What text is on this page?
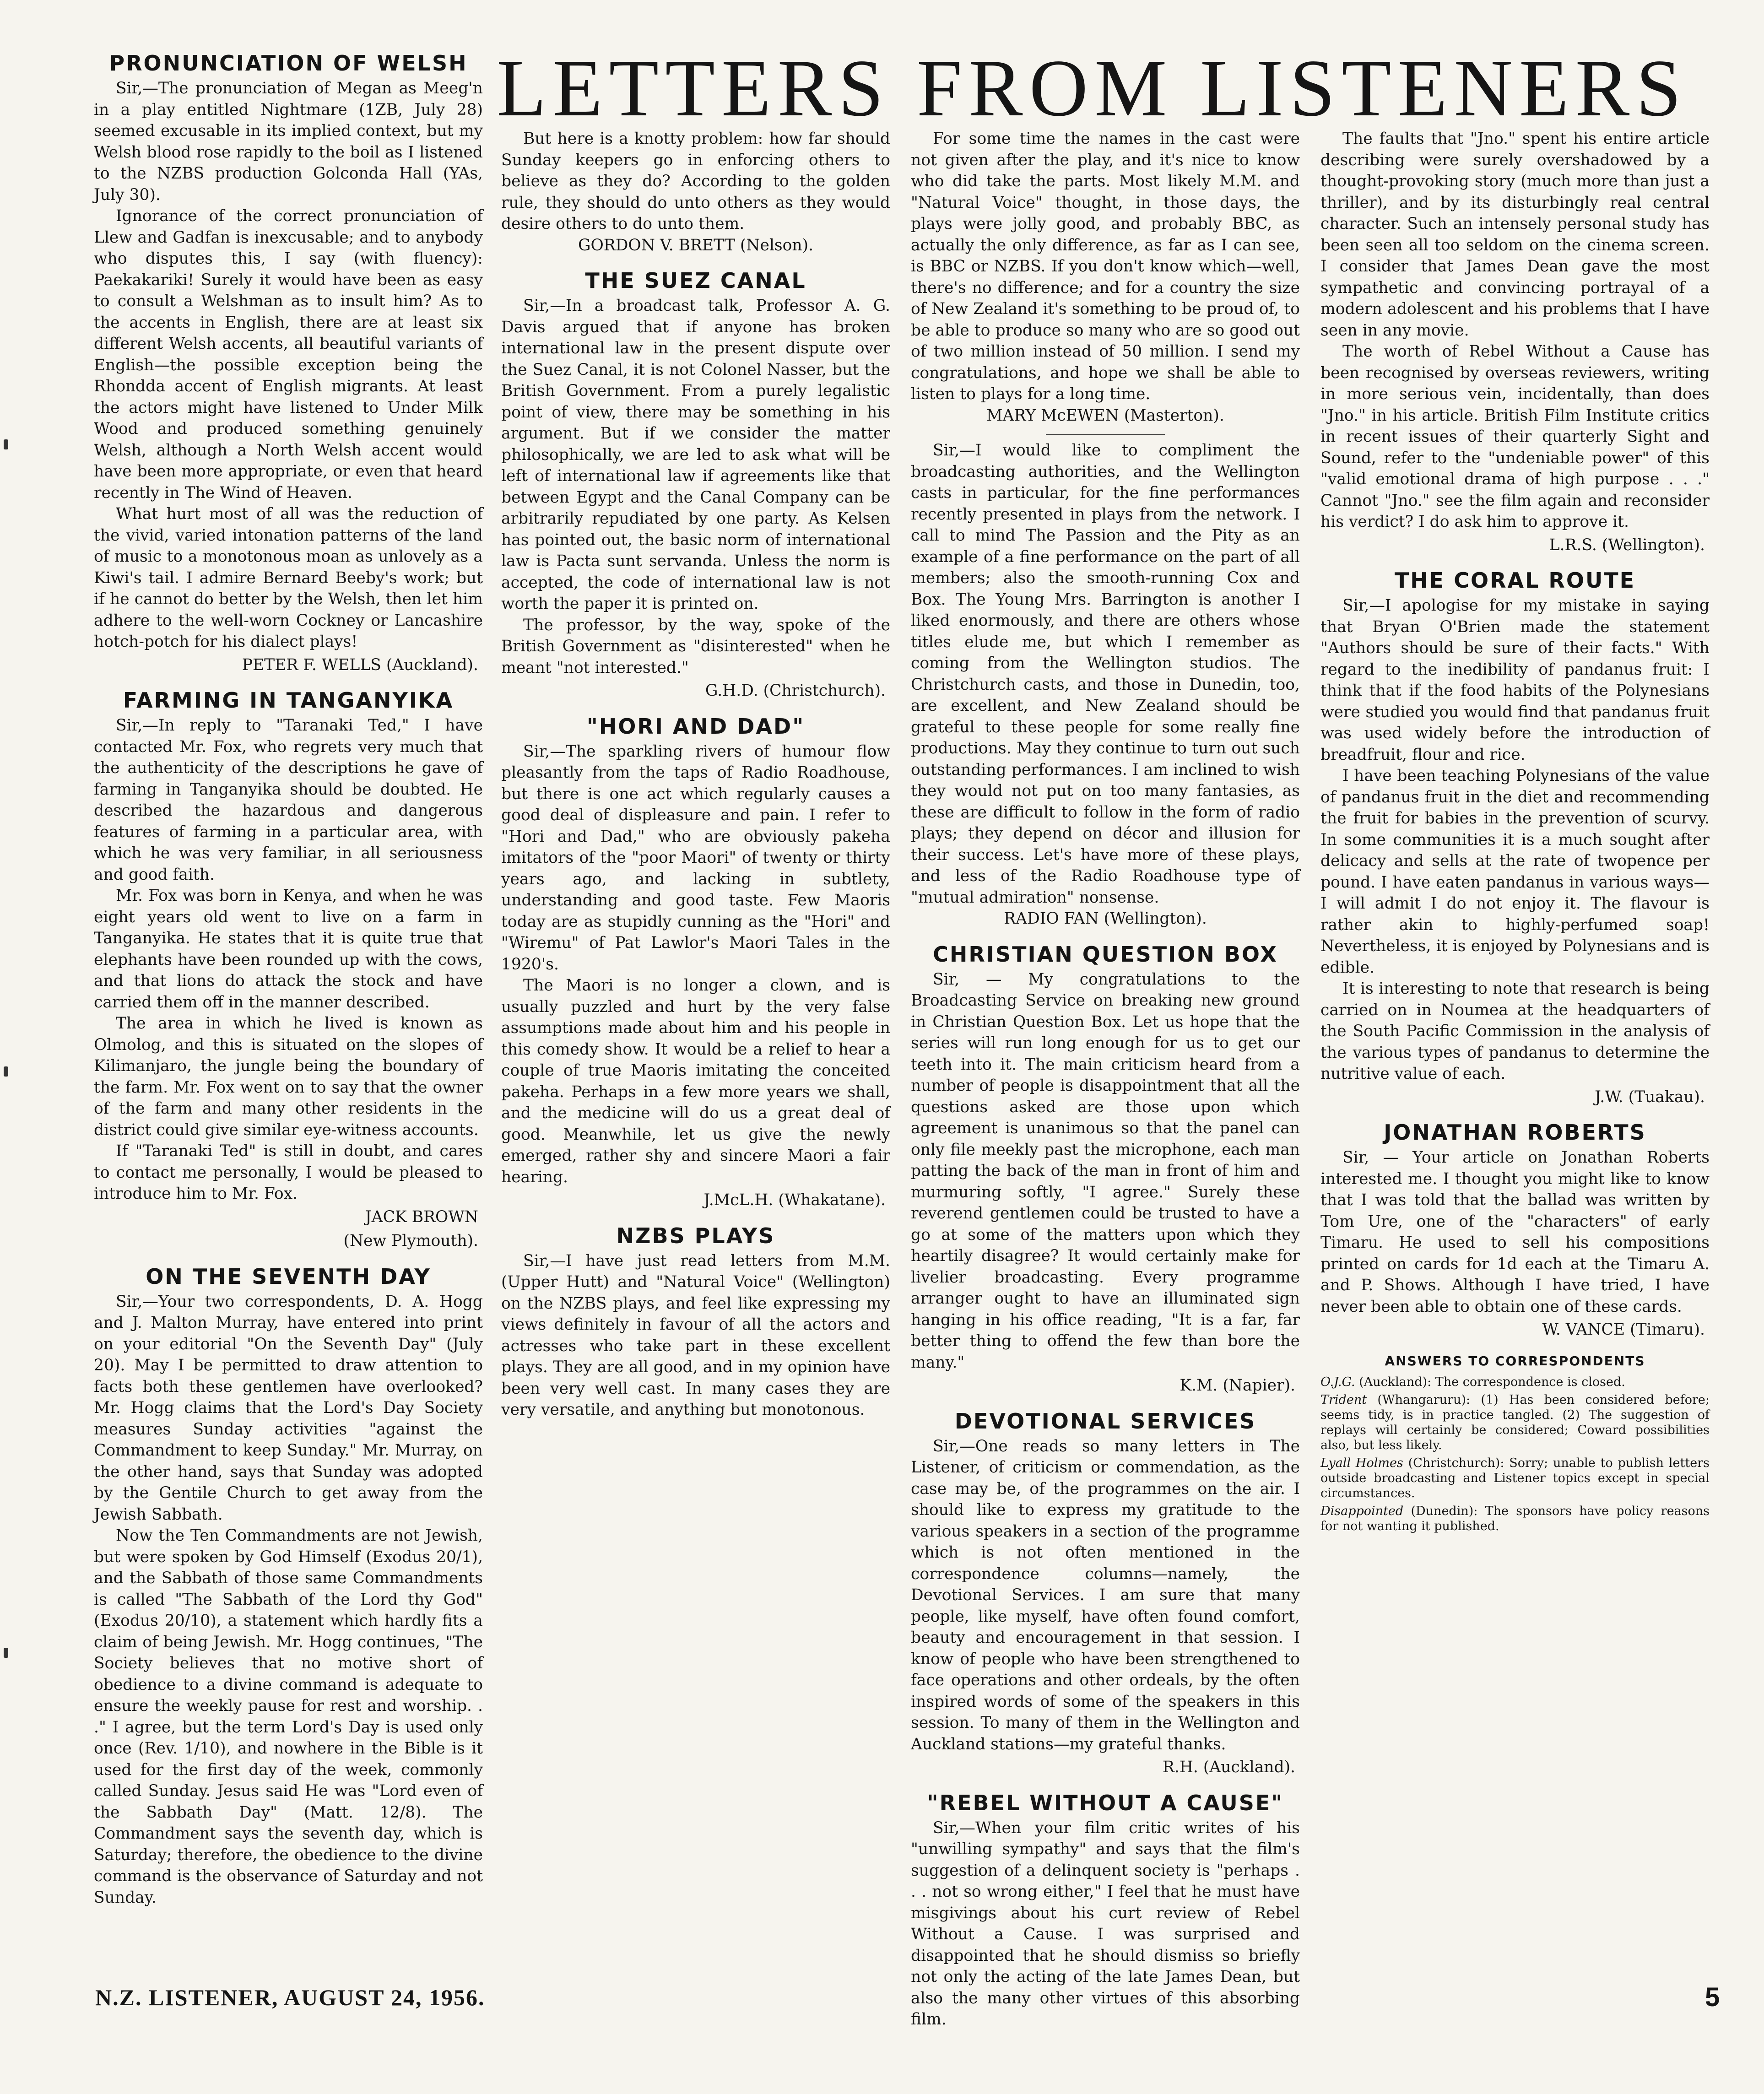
LETTERS FROM LISTENERS
PRONUNCIATION OF WELSH

Sir,—The pronunciation of Megan as Meeg'n in a play entitled Nightmare (1ZB, July 28) seemed excusable in its implied context, but my Welsh blood rose rapidly to the boil as I listened to the NZBS production Golconda Hall (YAs, July 30).

Ignorance of the correct pronunciation of Llew and Gadfan is inexcusable; and to anybody who disputes this, I say (with fluency): Paekakariki! Surely it would have been as easy to consult a Welshman as to insult him? As to the accents in English, there are at least six different Welsh accents, all beautiful variants of English—the possible exception being the Rhondda accent of English migrants. At least the actors might have listened to Under Milk Wood and produced something genuinely Welsh, although a North Welsh accent would have been more appropriate, or even that heard recently in The Wind of Heaven.

What hurt most of all was the reduction of the vivid, varied intonation patterns of the land of music to a monotonous moan as unlovely as a Kiwi's tail. I admire Bernard Beeby's work; but if he cannot do better by the Welsh, then let him adhere to the well-worn Cockney or Lancashire hotch-potch for his dialect plays!

PETER F. WELLS (Auckland).
FARMING IN TANGANYIKA

Sir,—In reply to "Taranaki Ted," I have contacted Mr. Fox, who regrets very much that the authenticity of the descriptions he gave of farming in Tanganyika should be doubted. He described the hazardous and dangerous features of farming in a particular area, with which he was very familiar, in all seriousness and good faith.

Mr. Fox was born in Kenya, and when he was eight years old went to live on a farm in Tanganyika. He states that it is quite true that elephants have been rounded up with the cows, and that lions do attack the stock and have carried them off in the manner described.

The area in which he lived is known as Olmolog, and this is situated on the slopes of Kilimanjaro, the jungle being the boundary of the farm. Mr. Fox went on to say that the owner of the farm and many other residents in the district could give similar eye-witness accounts.

If "Taranaki Ted" is still in doubt, and cares to contact me personally, I would be pleased to introduce him to Mr. Fox.

JACK BROWN
(New Plymouth).
ON THE SEVENTH DAY

Sir,—Your two correspondents, D. A. Hogg and J. Malton Murray, have entered into print on your editorial "On the Seventh Day" (July 20). May I be permitted to draw attention to facts both these gentlemen have overlooked? Mr. Hogg claims that the Lord's Day Society measures Sunday activities "against the Commandment to keep Sunday." Mr. Murray, on the other hand, says that Sunday was adopted by the Gentile Church to get away from the Jewish Sabbath.

Now the Ten Commandments are not Jewish, but were spoken by God Himself (Exodus 20/1), and the Sabbath of those same Commandments is called "The Sabbath of the Lord thy God" (Exodus 20/10), a statement which hardly fits a claim of being Jewish. Mr. Hogg continues, "The Society believes that no motive short of obedience to a divine command is adequate to ensure the weekly pause for rest and worship. . ." I agree, but the term Lord's Day is used only once (Rev. 1/10), and nowhere in the Bible is it used for the first day of the week, commonly called Sunday. Jesus said He was "Lord even of the Sabbath Day" (Matt. 12/8). The Commandment says the seventh day, which is Saturday; therefore, the obedience to the divine command is the observance of Saturday and not Sunday.

But here is a knotty problem: how far should Sunday keepers go in enforcing others to believe as they do? According to the golden rule, they should do unto others as they would desire others to do unto them.

GORDON V. BRETT (Nelson).
THE SUEZ CANAL

Sir,—In a broadcast talk, Professor A. G. Davis argued that if anyone has broken international law in the present dispute over the Suez Canal, it is not Colonel Nasser, but the British Government. From a purely legalistic point of view, there may be something in his argument. But if we consider the matter philosophically, we are led to ask what will be left of international law if agreements like that between Egypt and the Canal Company can be arbitrarily repudiated by one party. As Kelsen has pointed out, the basic norm of international law is Pacta sunt servanda. Unless the norm is accepted, the code of international law is not worth the paper it is printed on.

The professor, by the way, spoke of the British Government as "disinterested" when he meant "not interested."

G.H.D. (Christchurch).
"HORI AND DAD"

Sir,—The sparkling rivers of humour flow pleasantly from the taps of Radio Roadhouse, but there is one act which regularly causes a good deal of displeasure and pain. I refer to "Hori and Dad," who are obviously pakeha imitators of the "poor Maori" of twenty or thirty years ago, and lacking in subtlety, understanding and good taste. Few Maoris today are as stupidly cunning as the "Hori" and "Wiremu" of Pat Lawlor's Maori Tales in the 1920's.

The Maori is no longer a clown, and is usually puzzled and hurt by the very false assumptions made about him and his people in this comedy show. It would be a relief to hear a couple of true Maoris imitating the conceited pakeha. Perhaps in a few more years we shall, and the medicine will do us a great deal of good. Meanwhile, let us give the newly emerged, rather shy and sincere Maori a fair hearing.

J.McL.H. (Whakatane).
NZBS PLAYS

Sir,—I have just read letters from M.M. (Upper Hutt) and "Natural Voice" (Wellington) on the NZBS plays, and feel like expressing my views definitely in favour of all the actors and actresses who take part in these excellent plays. They are all good, and in my opinion have been very well cast. In many cases they are very versatile, and anything but monotonous.

For some time the names in the cast were not given after the play, and it's nice to know who did take the parts. Most likely M.M. and "Natural Voice" thought, in those days, the plays were jolly good, and probably BBC, as actually the only difference, as far as I can see, is BBC or NZBS. If you don't know which—well, there's no difference; and for a country the size of New Zealand it's something to be proud of, to be able to produce so many who are so good out of two million instead of 50 million. I send my congratulations, and hope we shall be able to listen to plays for a long time.

MARY McEWEN (Masterton).

Sir,—I would like to compliment the broadcasting authorities, and the Wellington casts in particular, for the fine performances recently presented in plays from the network. I call to mind The Passion and the Pity as an example of a fine performance on the part of all members; also the smooth-running Cox and Box. The Young Mrs. Barrington is another I liked enormously, and there are others whose titles elude me, but which I remember as coming from the Wellington studios. The Christchurch casts, and those in Dunedin, too, are excellent, and New Zealand should be grateful to these people for some really fine productions. May they continue to turn out such outstanding performances. I am inclined to wish they would not put on too many fantasies, as these are difficult to follow in the form of radio plays; they depend on décor and illusion for their success. Let's have more of these plays, and less of the Radio Roadhouse type of "mutual admiration" nonsense.

RADIO FAN (Wellington).
CHRISTIAN QUESTION BOX

Sir, — My congratulations to the Broadcasting Service on breaking new ground in Christian Question Box. Let us hope that the series will run long enough for us to get our teeth into it. The main criticism heard from a number of people is disappointment that all the questions asked are those upon which agreement is unanimous so that the panel can only file meekly past the microphone, each man patting the back of the man in front of him and murmuring softly, "I agree." Surely these reverend gentlemen could be trusted to have a go at some of the matters upon which they heartily disagree? It would certainly make for livelier broadcasting. Every programme arranger ought to have an illuminated sign hanging in his office reading, "It is a far, far better thing to offend the few than bore the many."

K.M. (Napier).
DEVOTIONAL SERVICES

Sir,—One reads so many letters in The Listener, of criticism or commendation, as the case may be, of the programmes on the air. I should like to express my gratitude to the various speakers in a section of the programme which is not often mentioned in the correspondence columns—namely, the Devotional Services. I am sure that many people, like myself, have often found comfort, beauty and encouragement in that session. I know of people who have been strengthened to face operations and other ordeals, by the often inspired words of some of the speakers in this session. To many of them in the Wellington and Auckland stations—my grateful thanks.

R.H. (Auckland).
"REBEL WITHOUT A CAUSE"

Sir,—When your film critic writes of his "unwilling sympathy" and says that the film's suggestion of a delinquent society is "perhaps . . . not so wrong either," I feel that he must have misgivings about his curt review of Rebel Without a Cause. I was surprised and disappointed that he should dismiss so briefly not only the acting of the late James Dean, but also the many other virtues of this absorbing film.

The faults that "Jno." spent his entire article describing were surely overshadowed by a thought-provoking story (much more than just a thriller), and by its disturbingly real central character. Such an intensely personal study has been seen all too seldom on the cinema screen. I consider that James Dean gave the most sympathetic and convincing portrayal of a modern adolescent and his problems that I have seen in any movie.

The worth of Rebel Without a Cause has been recognised by overseas reviewers, writing in more serious vein, incidentally, than does "Jno." in his article. British Film Institute critics in recent issues of their quarterly Sight and Sound, refer to the "undeniable power" of this "valid emotional drama of high purpose . . ." Cannot "Jno." see the film again and reconsider his verdict? I do ask him to approve it.

L.R.S. (Wellington).
THE CORAL ROUTE

Sir,—I apologise for my mistake in saying that Bryan O'Brien made the statement "Authors should be sure of their facts." With regard to the inedibility of pandanus fruit: I think that if the food habits of the Polynesians were studied you would find that pandanus fruit was used widely before the introduction of breadfruit, flour and rice.

I have been teaching Polynesians of the value of pandanus fruit in the diet and recommending the fruit for babies in the prevention of scurvy. In some communities it is a much sought after delicacy and sells at the rate of twopence per pound. I have eaten pandanus in various ways—I will admit I do not enjoy it. The flavour is rather akin to highly-perfumed soap! Nevertheless, it is enjoyed by Polynesians and is edible.

It is interesting to note that research is being carried on in Noumea at the headquarters of the South Pacific Commission in the analysis of the various types of pandanus to determine the nutritive value of each.

J.W. (Tuakau).
JONATHAN ROBERTS

Sir, — Your article on Jonathan Roberts interested me. I thought you might like to know that I was told that the ballad was written by Tom Ure, one of the "characters" of early Timaru. He used to sell his compositions printed on cards for 1d each at the Timaru A. and P. Shows. Although I have tried, I have never been able to obtain one of these cards.

W. VANCE (Timaru).
ANSWERS TO CORRESPONDENTS
O.J.G. (Auckland): The correspondence is closed.
Trident (Whangaruru): (1) Has been considered before; seems tidy, is in practice tangled. (2) The suggestion of replays will certainly be considered; Coward possibilities also, but less likely.
Lyall Holmes (Christchurch): Sorry; unable to publish letters outside broadcasting and Listener topics except in special circumstances.
Disappointed (Dunedin): The sponsors have policy reasons for not wanting it published.
N.Z. LISTENER, AUGUST 24, 1956.	5
